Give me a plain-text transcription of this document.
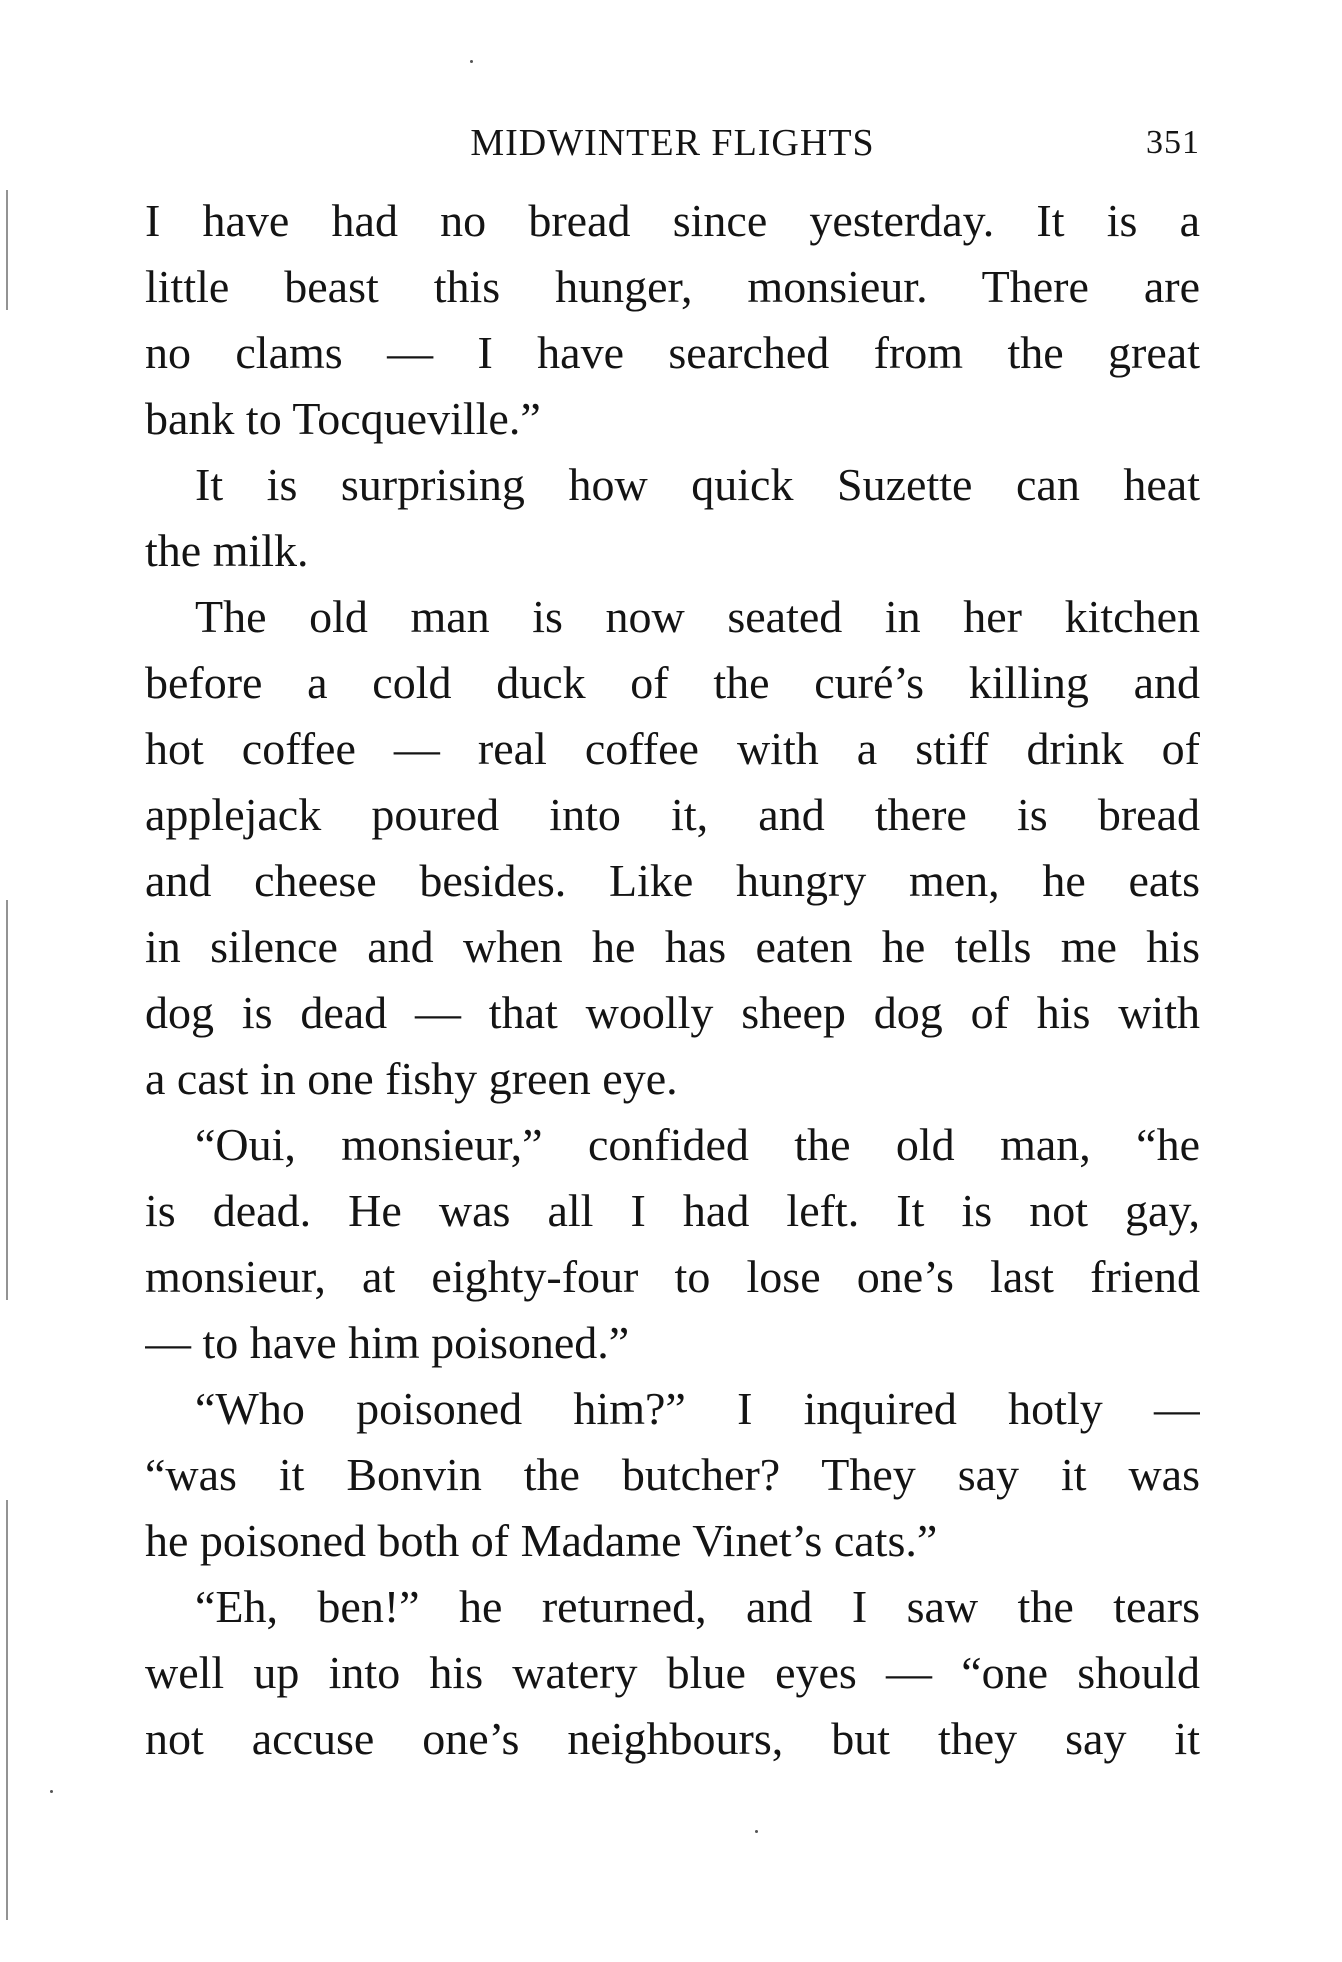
MIDWINTER FLIGHTS	351
I have had no bread since yesterday. It is a
little beast this hunger, monsieur. There are
no clams — I have searched from the great
bank to Tocqueville.”
It is surprising how quick Suzette can heat
the milk.
The old man is now seated in her kitchen
before a cold duck of the curé’s killing and
hot coffee — real coffee with a stiff drink of
applejack poured into it, and there is bread
and cheese besides. Like hungry men, he eats
in silence and when he has eaten he tells me his
dog is dead — that woolly sheep dog of his with
a cast in one fishy green eye.
“Oui, monsieur,” confided the old man, “he
is dead. He was all I had left. It is not gay,
monsieur, at eighty-four to lose one’s last friend
— to have him poisoned.”
“Who poisoned him?” I inquired hotly —
“was it Bonvin the butcher? They say it was
he poisoned both of Madame Vinet’s cats.”
“Eh, ben!” he returned, and I saw the tears
well up into his watery blue eyes — “one should
not accuse one’s neighbours, but they say it
